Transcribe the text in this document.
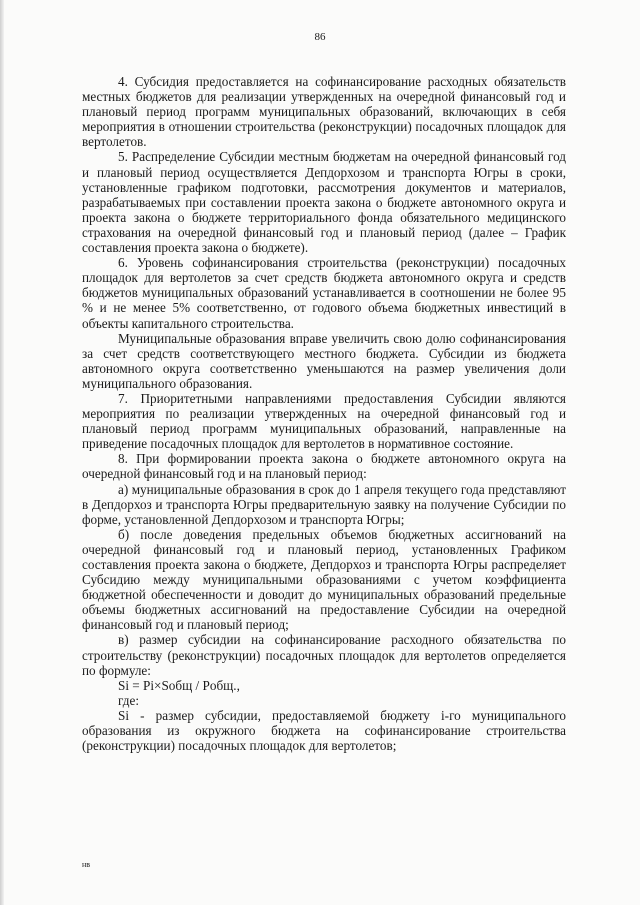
86

4. Субсидия предоставляется на софинансирование расходных обязательств местных бюджетов для реализации утвержденных на очередной финансовый год и плановый период программ муниципальных образований, включающих в себя мероприятия в отношении строительства (реконструкции) посадочных площадок для вертолетов.

5. Распределение Субсидии местным бюджетам на очередной финансовый год и плановый период осуществляется Депдорхозом и транспорта Югры в сроки, установленные графиком подготовки, рассмотрения документов и материалов, разрабатываемых при составлении проекта закона о бюджете автономного округа и проекта закона о бюджете территориального фонда обязательного медицинского страхования на очередной финансовый год и плановый период (далее – График составления проекта закона о бюджете).

6. Уровень софинансирования строительства (реконструкции) посадочных площадок для вертолетов за счет средств бюджета автономного округа и средств бюджетов муниципальных образований устанавливается в соотношении не более 95 % и не менее 5% соответственно, от годового объема бюджетных инвестиций в объекты капитального строительства.

Муниципальные образования вправе увеличить свою долю софинансирования за счет средств соответствующего местного бюджета. Субсидии из бюджета автономного округа соответственно уменьшаются на размер увеличения доли муниципального образования.

7. Приоритетными направлениями предоставления Субсидии являются мероприятия по реализации утвержденных на очередной финансовый год и плановый период программ муниципальных образований, направленные на приведение посадочных площадок для вертолетов в нормативное состояние.

8. При формировании проекта закона о бюджете автономного округа на очередной финансовый год и на плановый период:

а) муниципальные образования в срок до 1 апреля текущего года представляют в Депдорхоз и транспорта Югры предварительную заявку на получение Субсидии по форме, установленной Депдорхозом и транспорта Югры;

б) после доведения предельных объемов бюджетных ассигнований на очередной финансовый год и плановый период, установленных Графиком составления проекта закона о бюджете, Депдорхоз и транспорта Югры распределяет Субсидию между муниципальными образованиями с учетом коэффициента бюджетной обеспеченности и доводит до муниципальных образований предельные объемы бюджетных ассигнований на предоставление Субсидии на очередной финансовый год и плановый период;

в) размер субсидии на софинансирование расходного обязательства по строительству (реконструкции) посадочных площадок для вертолетов определяется по формуле:

Si = Pi×Sобщ / Pобщ.,

где:

Si - размер субсидии, предоставляемой бюджету i-го муниципального образования из окружного бюджета на софинансирование строительства (реконструкции) посадочных площадок для вертолетов;

нв
